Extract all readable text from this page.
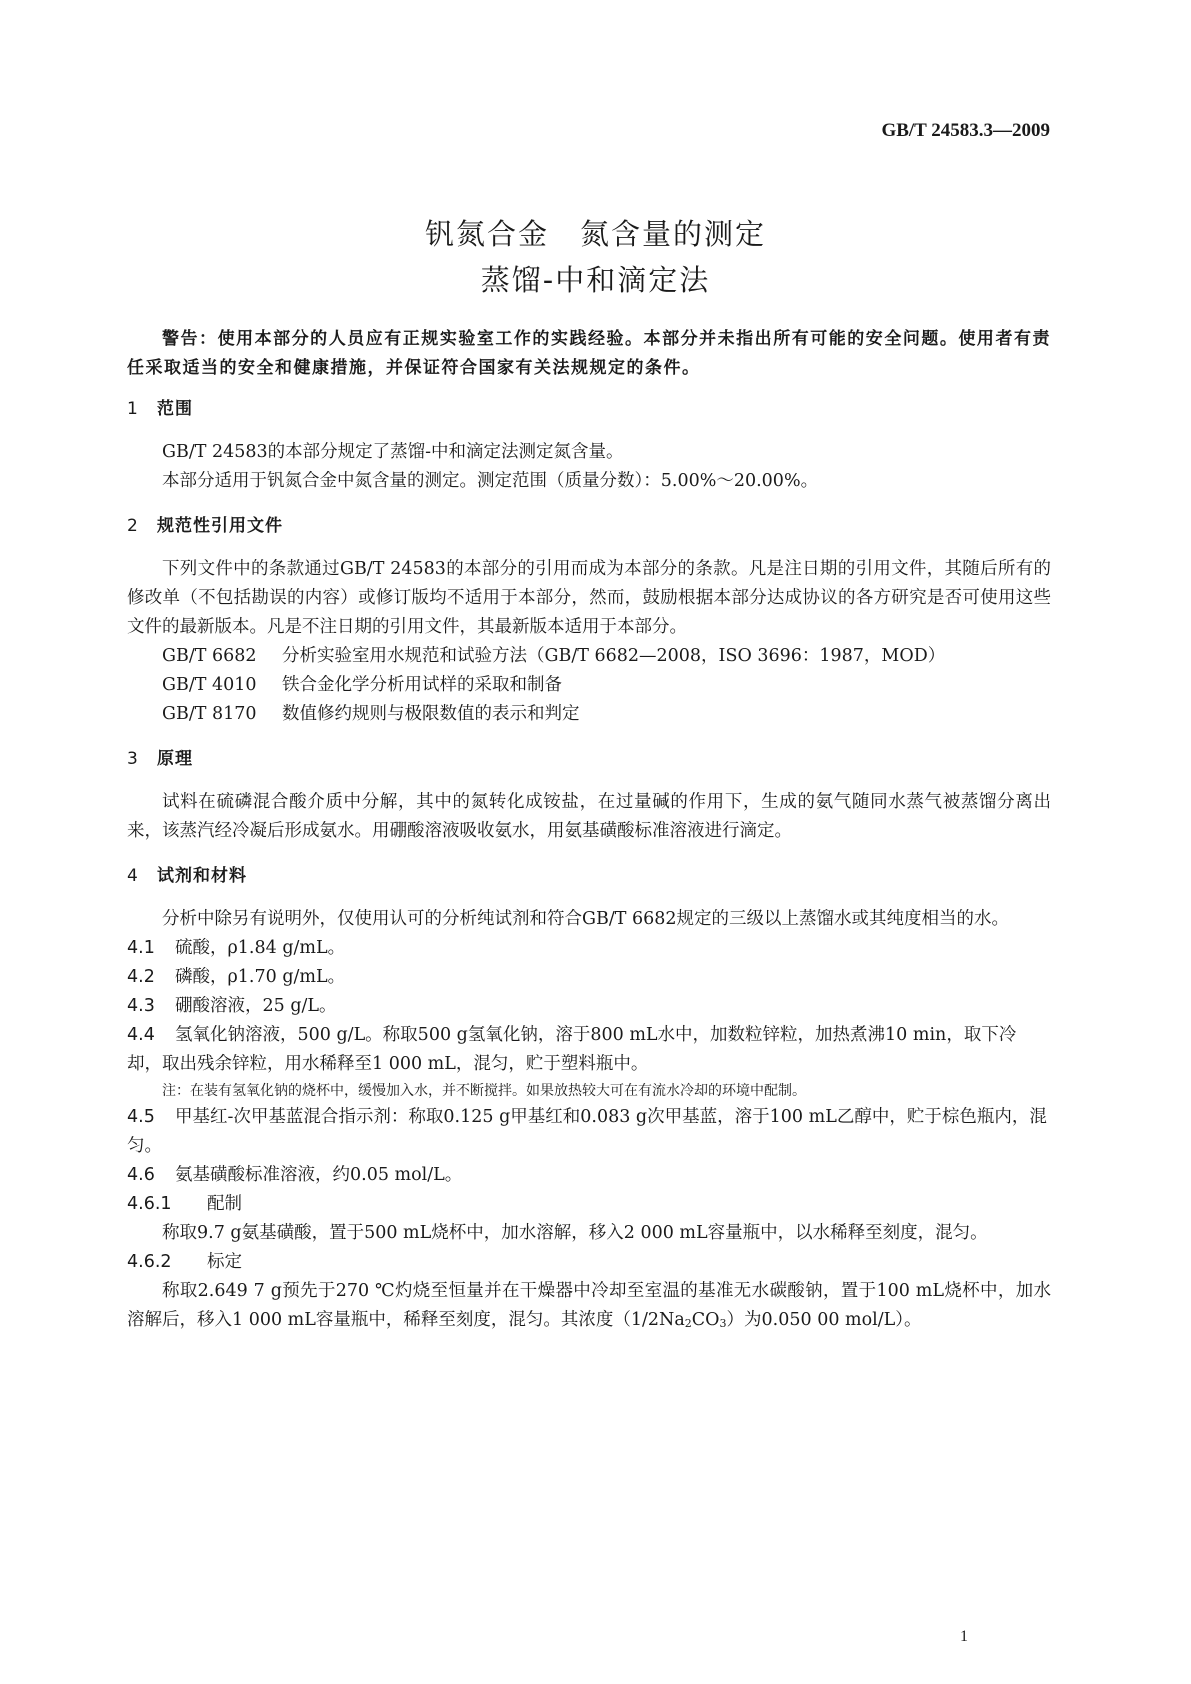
GB/T 24583.3—2009
钒氮合金　氮含量的测定
蒸馏-中和滴定法

警告：使用本部分的人员应有正规实验室工作的实践经验。本部分并未指出所有可能的安全问题。使用者有责任采取适当的安全和健康措施，并保证符合国家有关法规规定的条件。

1 范围

GB/T 24583的本部分规定了蒸馏-中和滴定法测定氮含量。

本部分适用于钒氮合金中氮含量的测定。测定范围（质量分数）：5.00%～20.00%。

2 规范性引用文件

下列文件中的条款通过GB/T 24583的本部分的引用而成为本部分的条款。凡是注日期的引用文件，其随后所有的修改单（不包括勘误的内容）或修订版均不适用于本部分，然而，鼓励根据本部分达成协议的各方研究是否可使用这些文件的最新版本。凡是不注日期的引用文件，其最新版本适用于本部分。

GB/T 6682 分析实验室用水规范和试验方法（GB/T 6682—2008，ISO 3696：1987，MOD）

GB/T 4010 铁合金化学分析用试样的采取和制备

GB/T 8170 数值修约规则与极限数值的表示和判定

3 原理

试料在硫磷混合酸介质中分解，其中的氮转化成铵盐，在过量碱的作用下，生成的氨气随同水蒸气被蒸馏分离出来，该蒸汽经冷凝后形成氨水。用硼酸溶液吸收氨水，用氨基磺酸标准溶液进行滴定。

4 试剂和材料

分析中除另有说明外，仅使用认可的分析纯试剂和符合GB/T 6682规定的三级以上蒸馏水或其纯度相当的水。

4.1 硫酸，ρ1.84 g/mL。

4.2 磷酸，ρ1.70 g/mL。

4.3 硼酸溶液，25 g/L。

4.4 氢氧化钠溶液，500 g/L。称取500 g氢氧化钠，溶于800 mL水中，加数粒锌粒，加热煮沸10 min，取下冷却，取出残余锌粒，用水稀释至1 000 mL，混匀，贮于塑料瓶中。

注：在装有氢氧化钠的烧杯中，缓慢加入水，并不断搅拌。如果放热较大可在有流水冷却的环境中配制。

4.5 甲基红-次甲基蓝混合指示剂：称取0.125 g甲基红和0.083 g次甲基蓝，溶于100 mL乙醇中，贮于棕色瓶内，混匀。

4.6 氨基磺酸标准溶液，约0.05 mol/L。

4.6.1 配制

称取9.7 g氨基磺酸，置于500 mL烧杯中，加水溶解，移入2 000 mL容量瓶中，以水稀释至刻度，混匀。

4.6.2 标定

称取2.649 7 g预先于270 ℃灼烧至恒量并在干燥器中冷却至室温的基准无水碳酸钠，置于100 mL烧杯中，加水溶解后，移入1 000 mL容量瓶中，稀释至刻度，混匀。其浓度（1/2Na2CO3）为0.050 00 mol/L）。

1
